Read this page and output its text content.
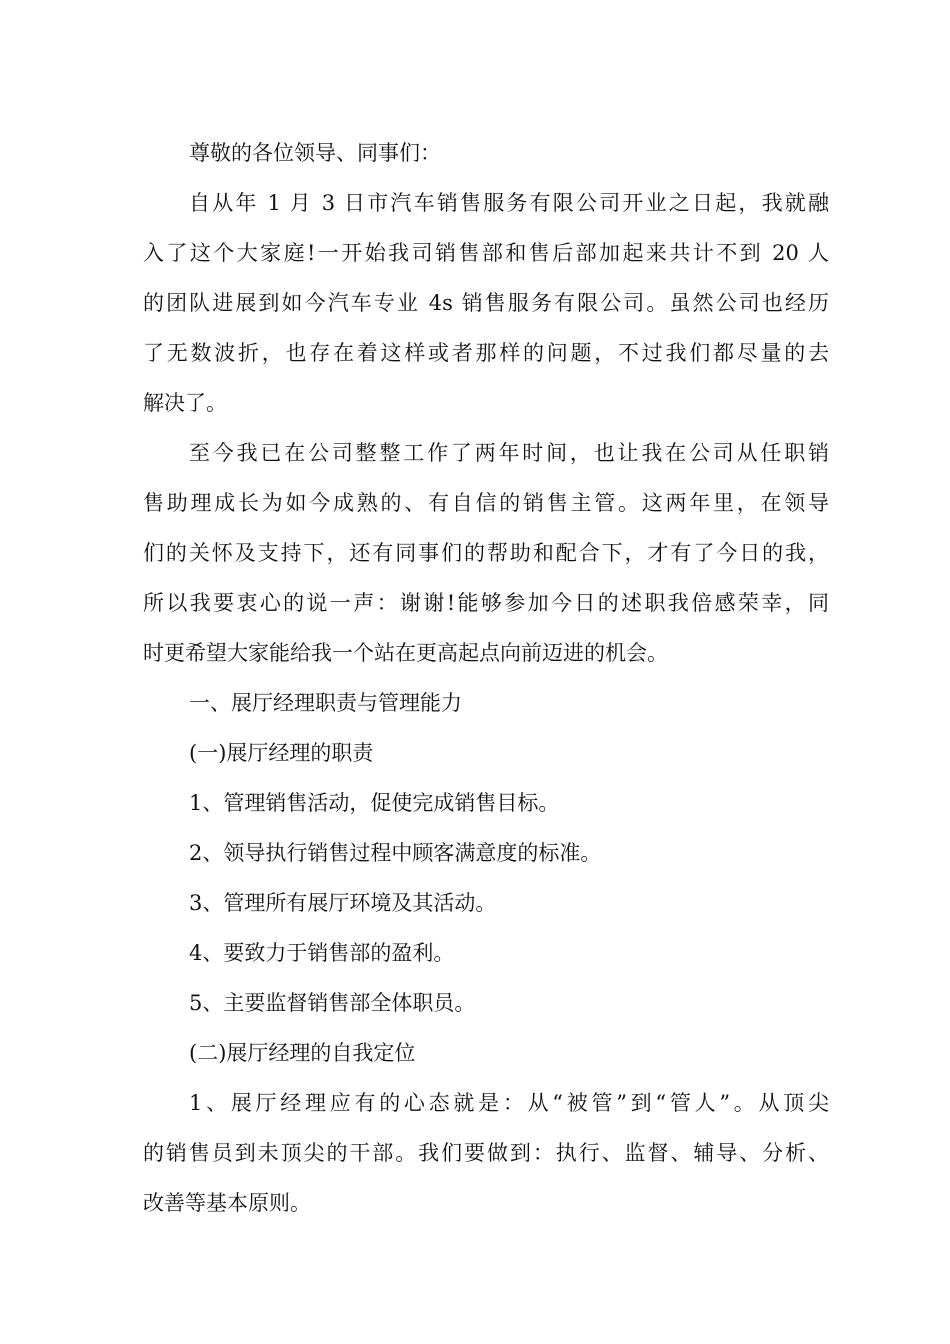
尊敬的各位领导、同事们：
自从年 1 月 3 日市汽车销售服务有限公司开业之日起，我就融
入了这个大家庭!一开始我司销售部和售后部加起来共计不到 20 人
的团队进展到如今汽车专业 4s 销售服务有限公司。虽然公司也经历
了无数波折，也存在着这样或者那样的问题，不过我们都尽量的去
解决了。
至今我已在公司整整工作了两年时间，也让我在公司从任职销
售助理成长为如今成熟的、有自信的销售主管。这两年里，在领导
们的关怀及支持下，还有同事们的帮助和配合下，才有了今日的我，
所以我要衷心的说一声：谢谢!能够参加今日的述职我倍感荣幸，同
时更希望大家能给我一个站在更高起点向前迈进的机会。
一、展厅经理职责与管理能力
(一)展厅经理的职责
1、管理销售活动，促使完成销售目标。
2、领导执行销售过程中顾客满意度的标准。
3、管理所有展厅环境及其活动。
4、要致力于销售部的盈利。
5、主要监督销售部全体职员。
(二)展厅经理的自我定位
1、展厅经理应有的心态就是：从“被管”到“管人”。从顶尖
的销售员到未顶尖的干部。我们要做到：执行、监督、辅导、分析、
改善等基本原则。
